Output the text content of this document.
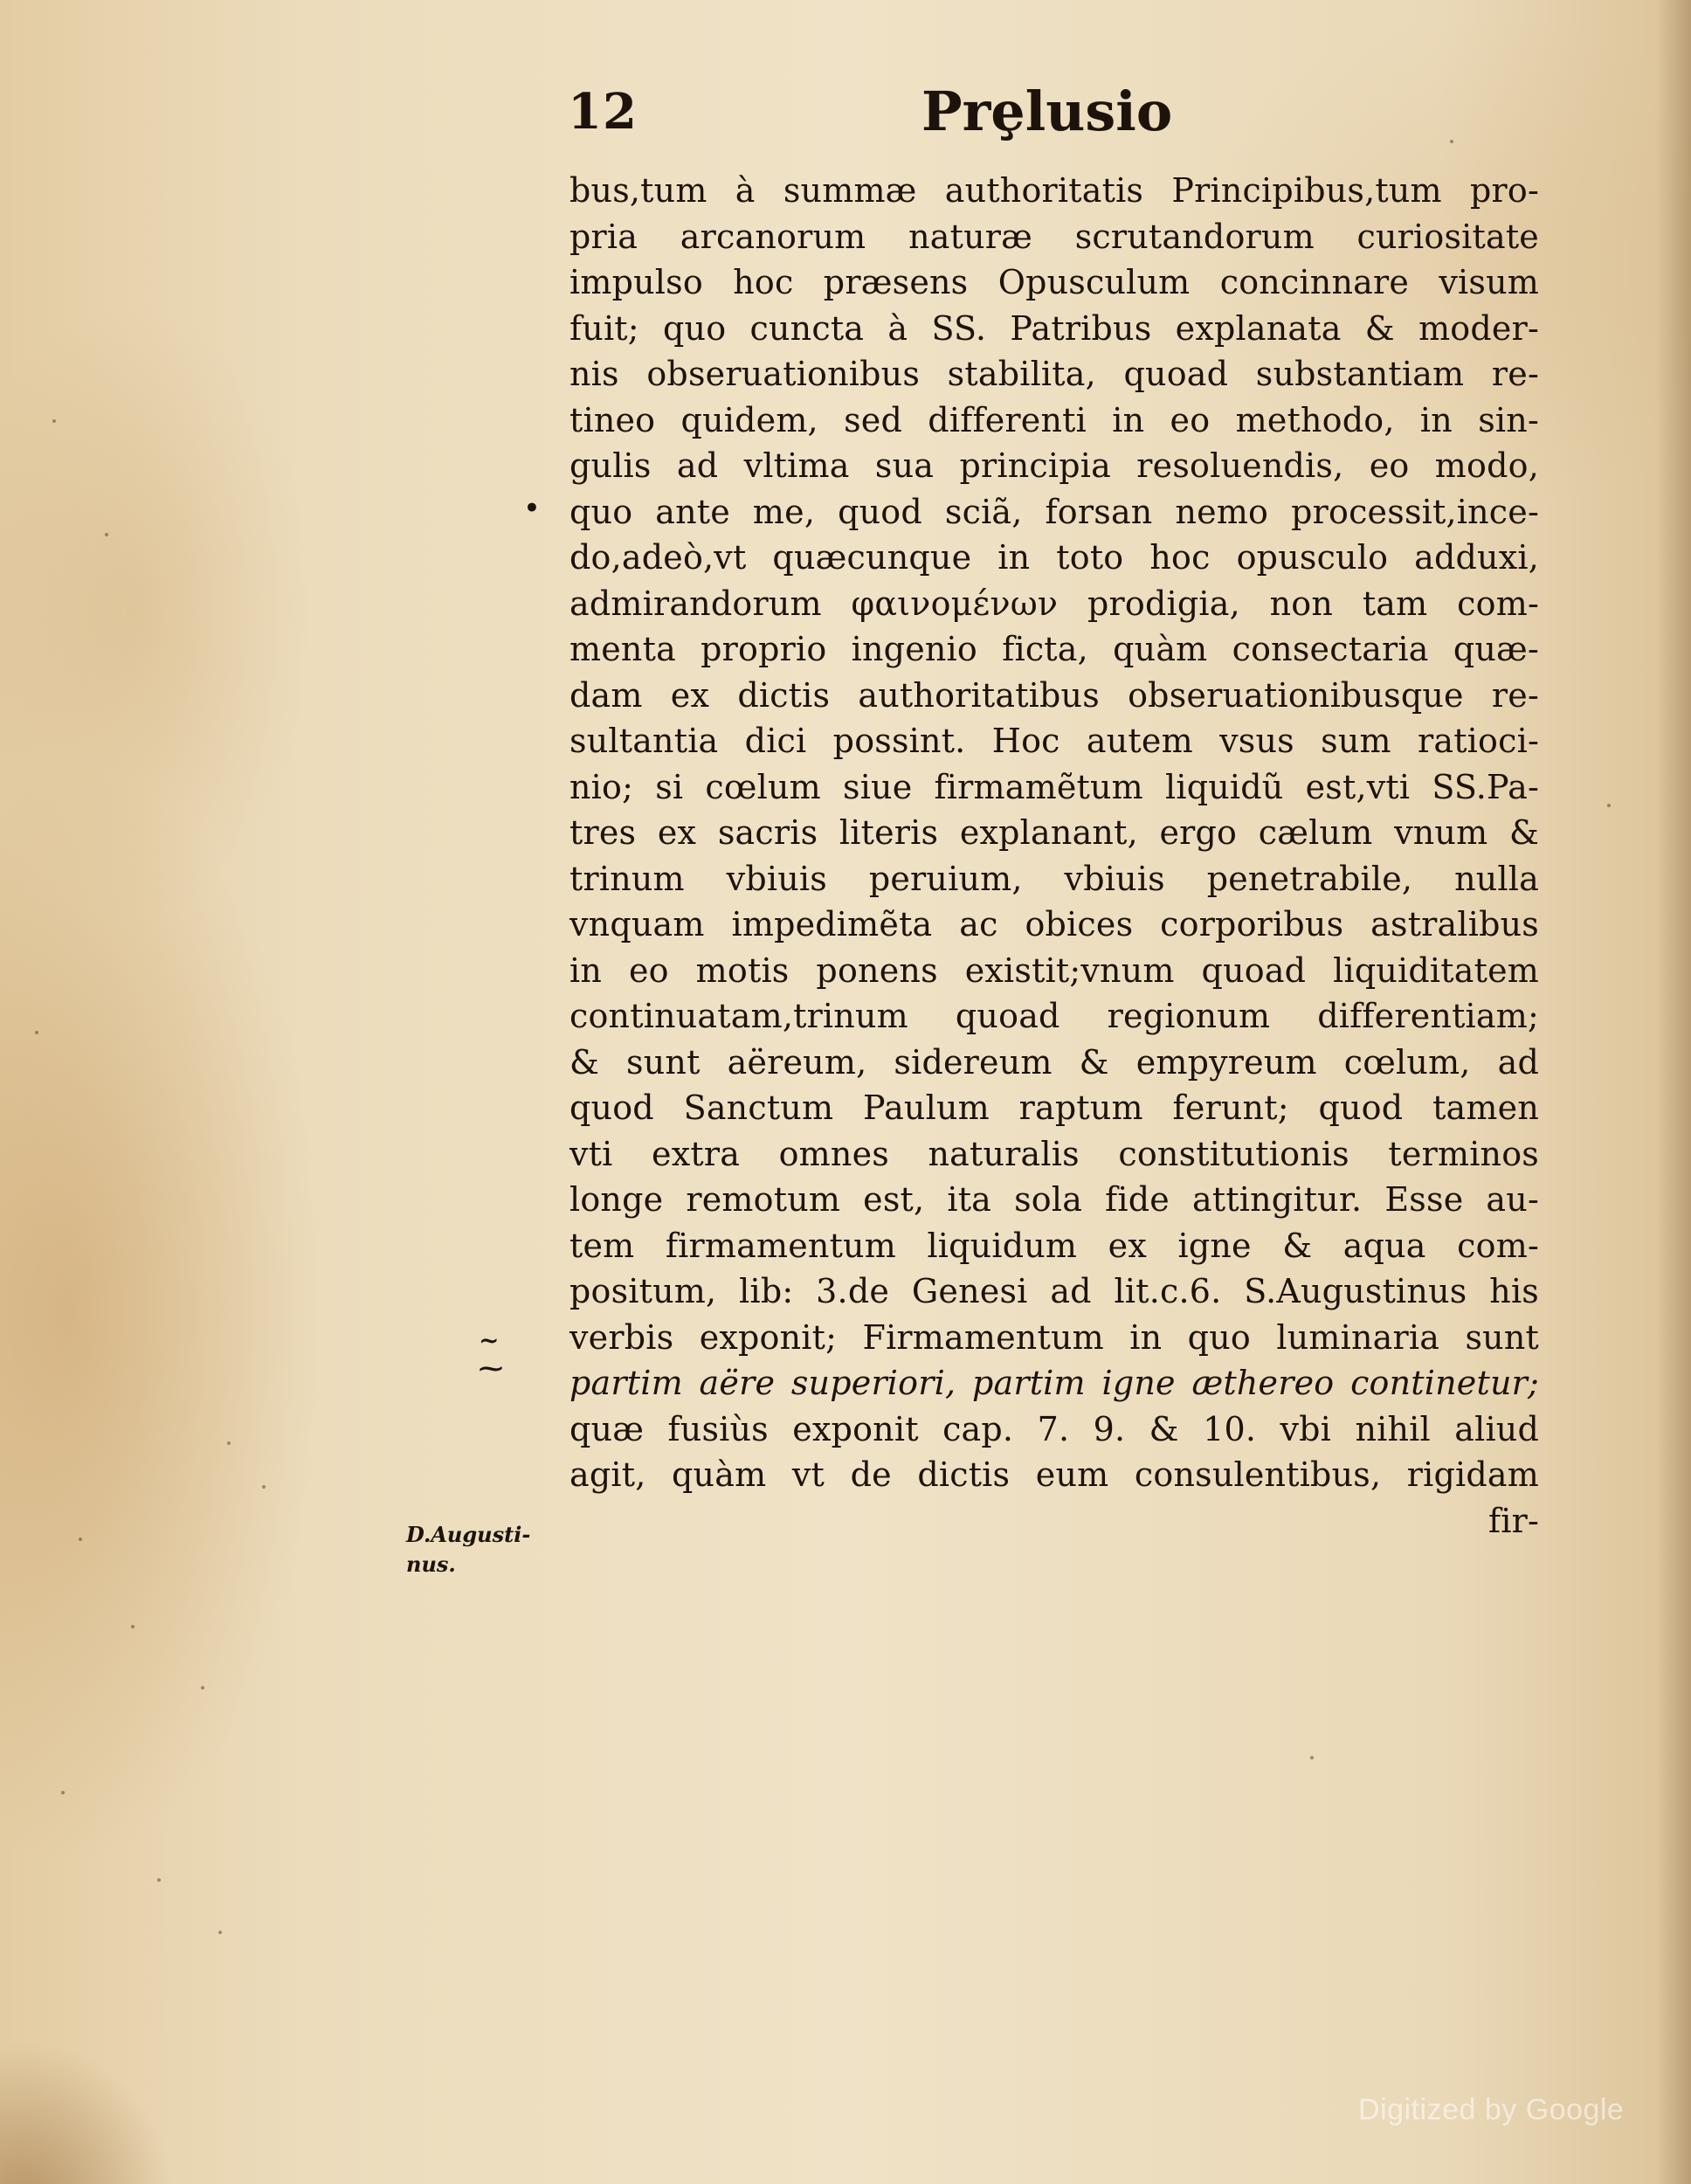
•
~
⁓
12	Prȩlusio
bus,tum à summæ authoritatis Principibus,tum pro-
pria arcanorum naturæ scrutandorum curiositate
impulso hoc præsens Opusculum concinnare visum
fuit; quo cuncta à SS. Patribus explanata & moder-
nis obseruationibus stabilita, quoad substantiam re-
tineo quidem, sed differenti in eo methodo, in sin-
gulis ad vltima sua principia resoluendis, eo modo,
quo ante me, quod sciã, forsan nemo processit,ince-
do,adeò,vt quæcunque in toto hoc opusculo adduxi,
admirandorum φαινομένων prodigia, non tam com-
menta proprio ingenio ficta, quàm consectaria quæ-
dam ex dictis authoritatibus obseruationibusque re-
sultantia dici possint. Hoc autem vsus sum ratioci-
nio; si cœlum siue firmamẽtum liquidũ est,vti SS.Pa-
tres ex sacris literis explanant, ergo cælum vnum &
trinum vbiuis peruium, vbiuis penetrabile, nulla
vnquam impedimẽta ac obices corporibus astralibus
in eo motis ponens existit;vnum quoad liquiditatem
continuatam,trinum quoad regionum differentiam;
& sunt aëreum, sidereum & empyreum cœlum, ad
quod Sanctum Paulum raptum ferunt; quod tamen
vti extra omnes naturalis constitutionis terminos
longe remotum est, ita sola fide attingitur. Esse au-
tem firmamentum liquidum ex igne & aqua com-
positum, lib: 3.de Genesi ad lit.c.6. S.Augustinus his
verbis exponit; Firmamentum in quo luminaria sunt
partim aëre superiori, partim igne æthereo continetur;
quæ fusiùs exponit cap. 7. 9. & 10. vbi nihil aliud
agit, quàm vt de dictis eum consulentibus, rigidam
fir-
D.Augusti-
nus.
Digitized by Google
